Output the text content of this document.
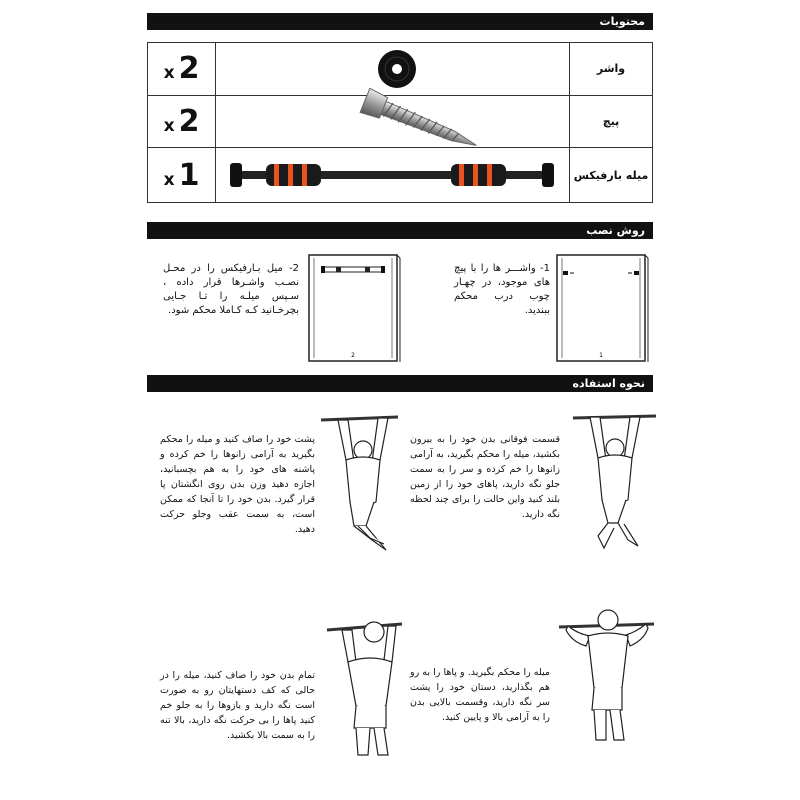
محتویات
x 2		واشر
x 2		پیچ
x 1		میله بارفیکس
روش نصب
1
1- واشـــر ها را با پیچ های موجود، در چهـار چوب درب محکم ببندید.
2
2- میل بـارفیکس را در محـل نصـب واشـرها قرار داده ، سـپس میلـه را تـا جـایی بچرخـانید کـه کـاملا محکم شود.
نحوه استفاده
قسمت فوقانی بدن خود را به بیرون بکشید، میله را محکم بگیرید، به آرامی زانوها را خم کرده و سر را به سمت جلو نگه دارید، پاهای خود را از زمین بلند کنید واین حالت را برای چند لحظه نگه دارید.
پشت خود را صاف کنید و میله را محکم بگیرید به آرامی زانوها را خم کرده و پاشنه های خود را به هم بچسبانید، اجازه دهید وزن بدن روی انگشتان پا قرار گیرد. بدن خود را تا آنجا که ممکن است، به سمت عقب وجلو حرکت دهید.
میله را محکم بگیرید. و پاها را به رو هم بگذارید، دستان خود را پشت سر نگه دارید، وقسمت بالایی بدن را به آرامی بالا و پایین کنید.
تمام بدن خود را صاف کنید، میله را در حالی که کف دستهایتان رو به صورت است نگه دارید و بازوها را به جلو خم کنید پاها را بی حرکت نگه دارید، بالا تنه را به سمت بالا بکشید.
